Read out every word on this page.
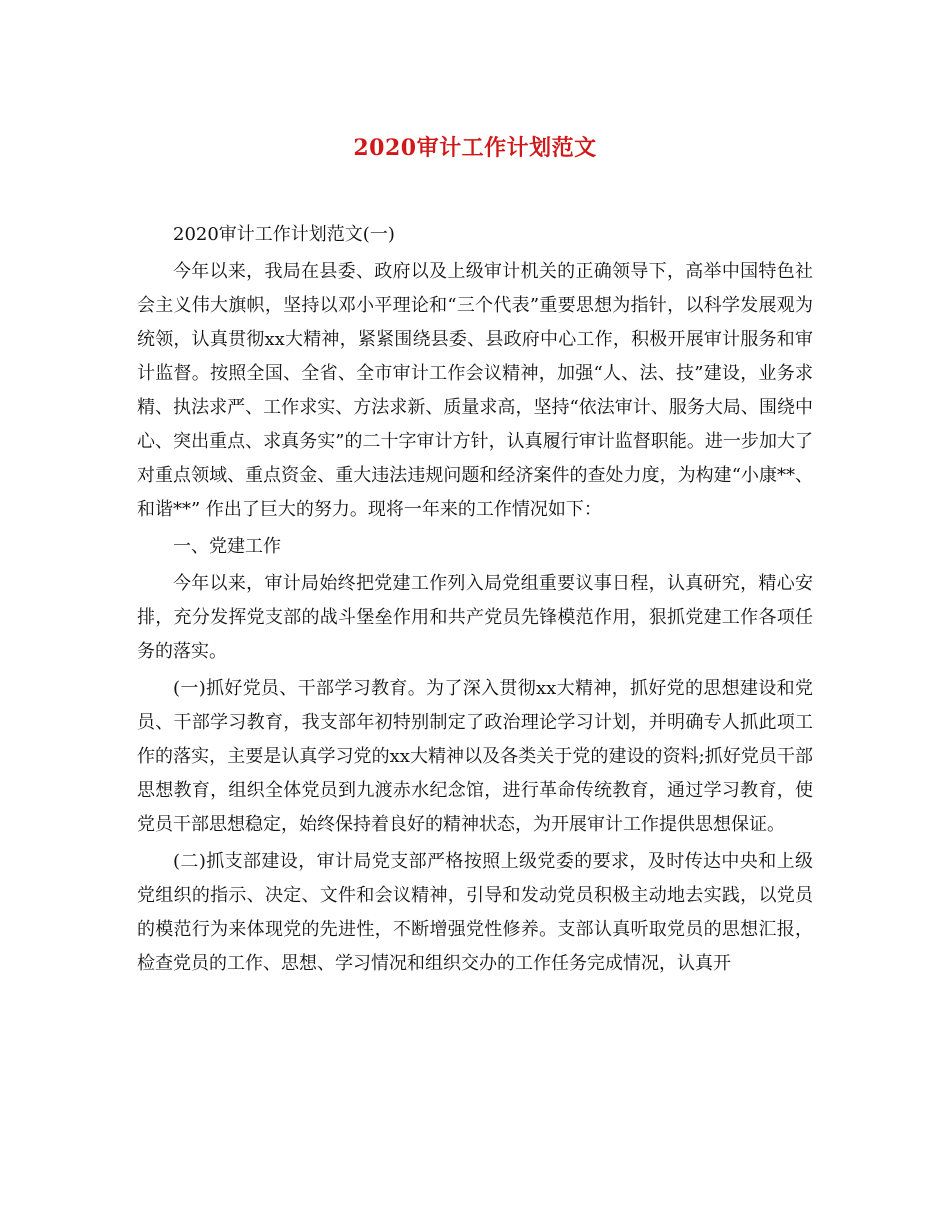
2020审计工作计划范文

2020审计工作计划范文(一)

今年以来，我局在县委、政府以及上级审计机关的正确领导下，高举中国特色社会主义伟大旗帜，坚持以邓小平理论和“三个代表”重要思想为指针，以科学发展观为统领，认真贯彻xx大精神，紧紧围绕县委、县政府中心工作，积极开展审计服务和审计监督。按照全国、全省、全市审计工作会议精神，加强“人、法、技”建设，业务求精、执法求严、工作求实、方法求新、质量求高，坚持“依法审计、服务大局、围绕中心、突出重点、求真务实”的二十字审计方针，认真履行审计监督职能。进一步加大了对重点领域、重点资金、重大违法违规问题和经济案件的查处力度，为构建“小康**、和谐**” 作出了巨大的努力。现将一年来的工作情况如下：

一、党建工作

今年以来，审计局始终把党建工作列入局党组重要议事日程，认真研究，精心安排，充分发挥党支部的战斗堡垒作用和共产党员先锋模范作用，狠抓党建工作各项任务的落实。

(一)抓好党员、干部学习教育。为了深入贯彻xx大精神，抓好党的思想建设和党员、干部学习教育，我支部年初特别制定了政治理论学习计划，并明确专人抓此项工作的落实，主要是认真学习党的xx大精神以及各类关于党的建设的资料;抓好党员干部思想教育，组织全体党员到九渡赤水纪念馆，进行革命传统教育，通过学习教育，使党员干部思想稳定，始终保持着良好的精神状态，为开展审计工作提供思想保证。

(二)抓支部建设，审计局党支部严格按照上级党委的要求，及时传达中央和上级党组织的指示、决定、文件和会议精神，引导和发动党员积极主动地去实践，以党员的模范行为来体现党的先进性，不断增强党性修养。支部认真听取党员的思想汇报，检查党员的工作、思想、学习情况和组织交办的工作任务完成情况，认真开
